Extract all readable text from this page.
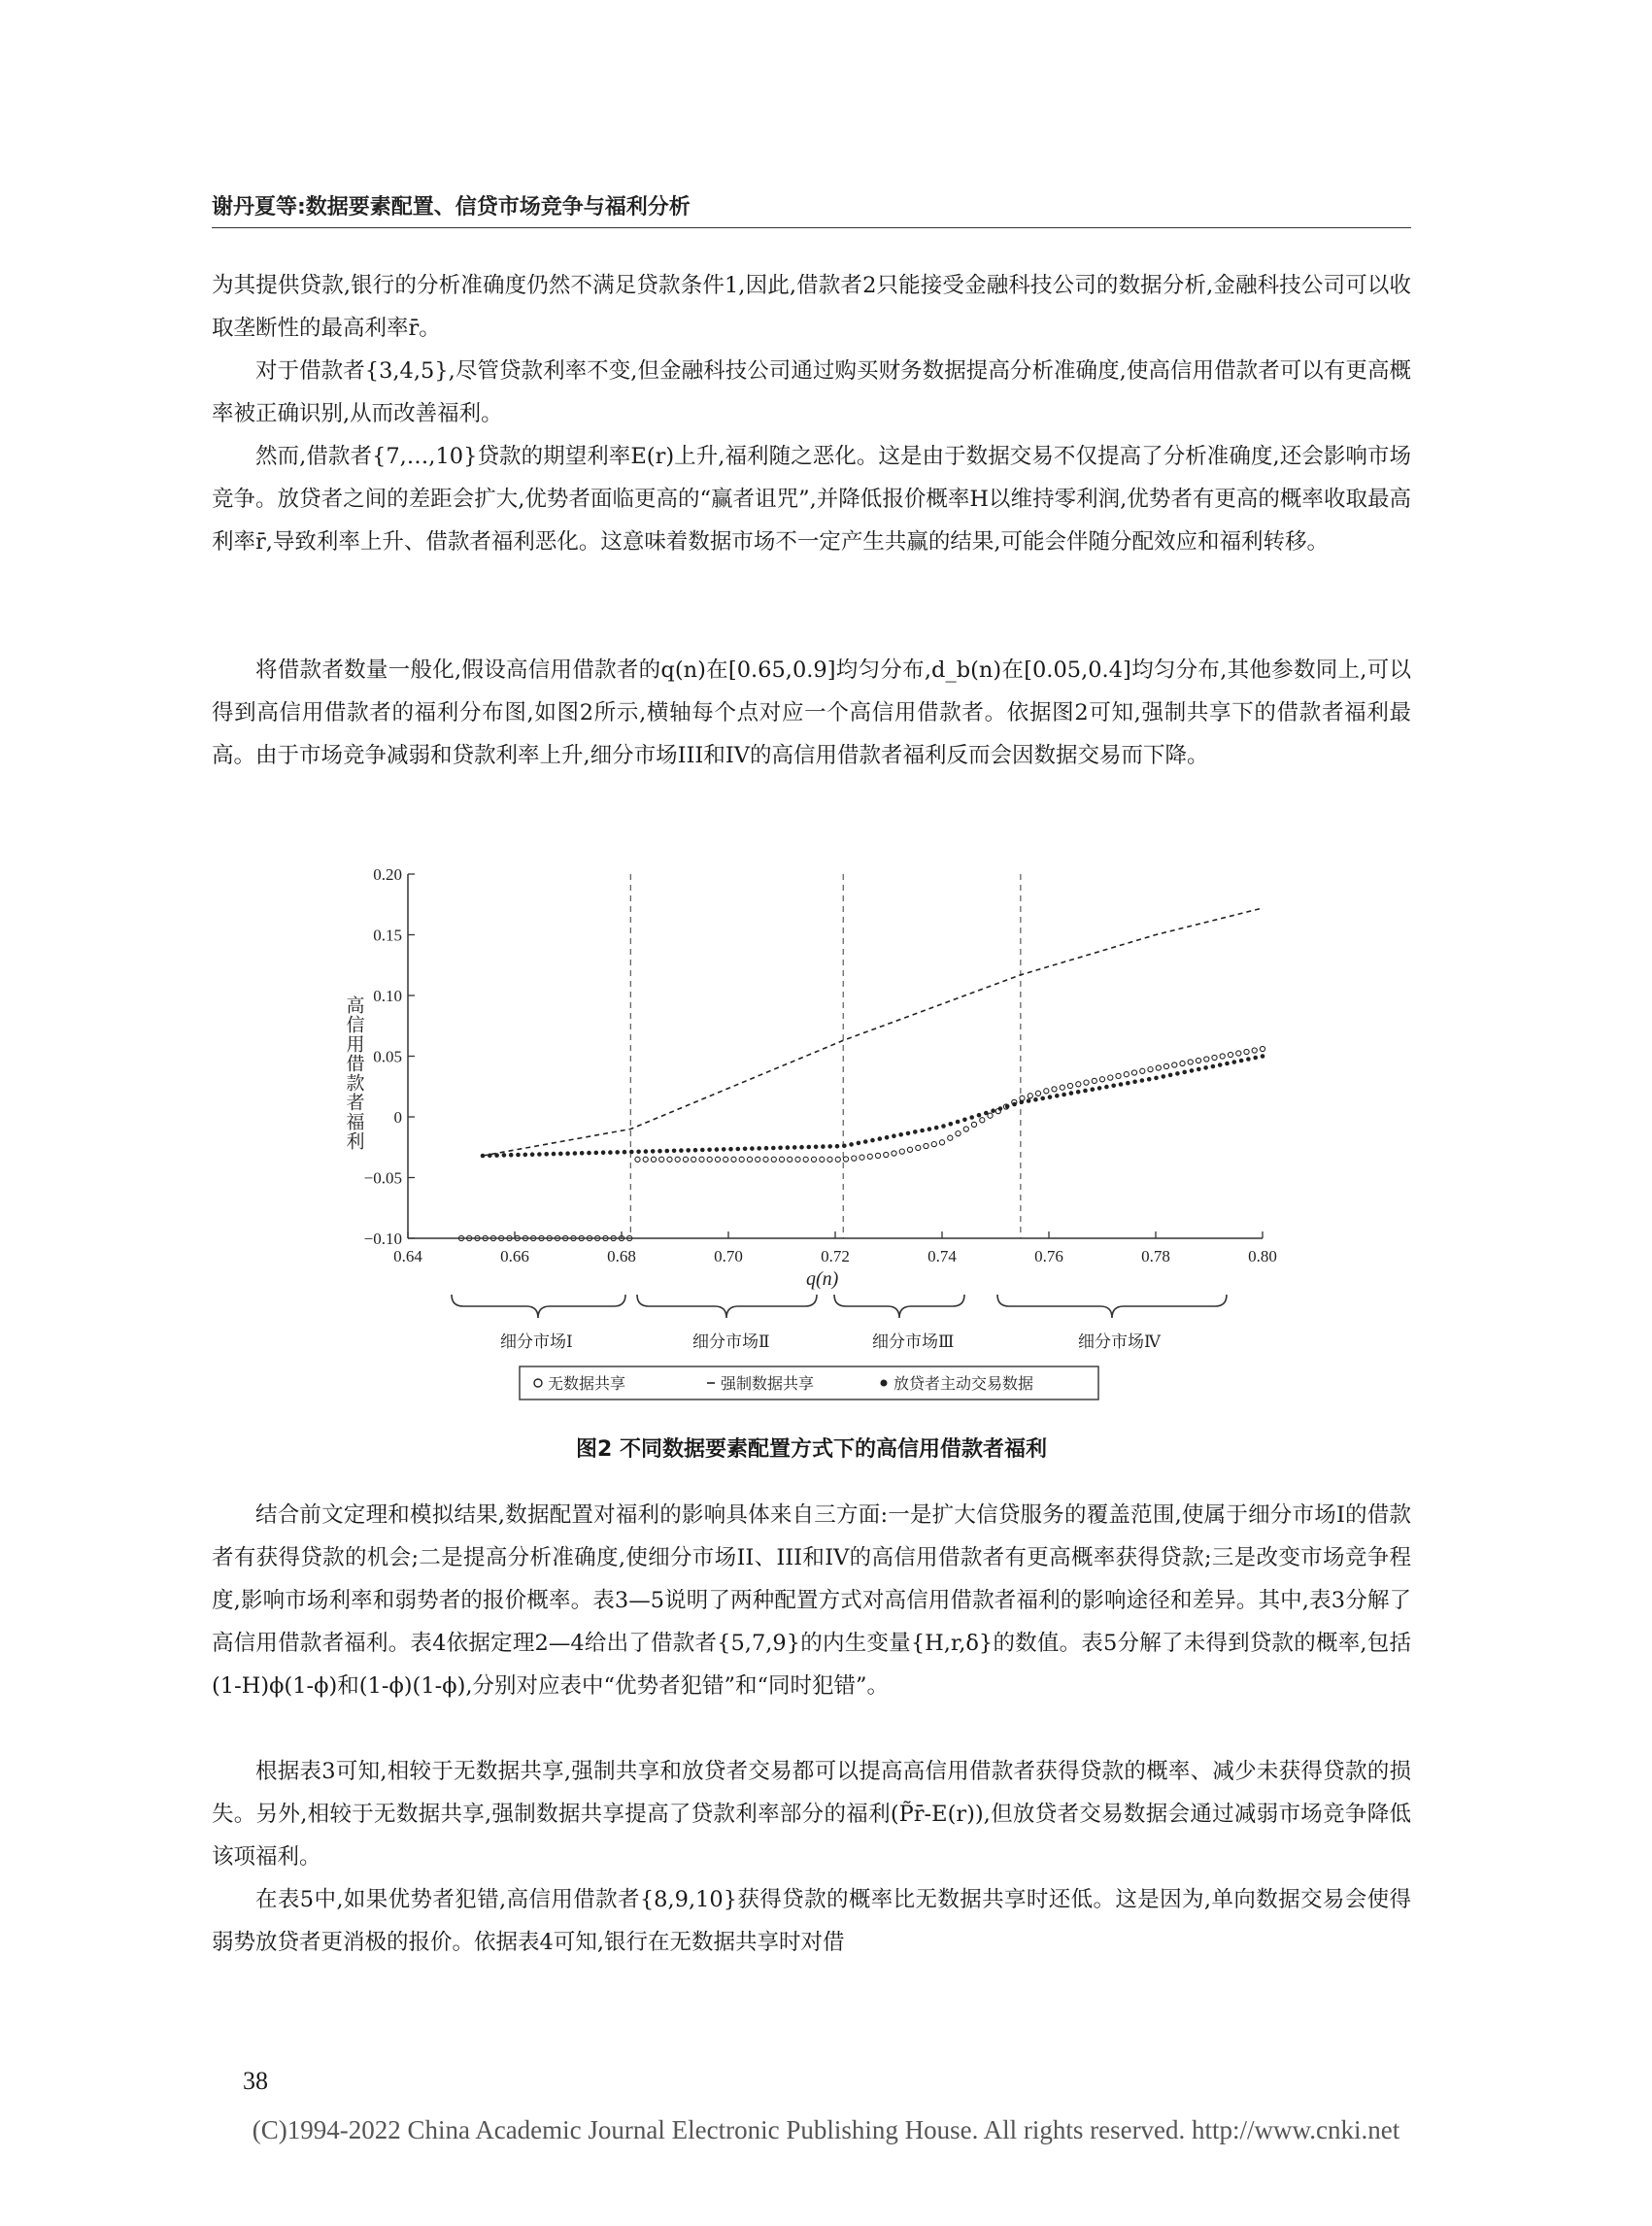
谢丹夏等:数据要素配置、信贷市场竞争与福利分析

为其提供贷款,银行的分析准确度仍然不满足贷款条件1,因此,借款者2只能接受金融科技公司的数据分析,金融科技公司可以收取垄断性的最高利率r̄。

对于借款者{3,4,5},尽管贷款利率不变,但金融科技公司通过购买财务数据提高分析准确度,使高信用借款者可以有更高概率被正确识别,从而改善福利。

然而,借款者{7,…,10}贷款的期望利率E(r)上升,福利随之恶化。这是由于数据交易不仅提高了分析准确度,还会影响市场竞争。放贷者之间的差距会扩大,优势者面临更高的“赢者诅咒”,并降低报价概率H以维持零利润,优势者有更高的概率收取最高利率r̄,导致利率上升、借款者福利恶化。这意味着数据市场不一定产生共赢的结果,可能会伴随分配效应和福利转移。

将借款者数量一般化,假设高信用借款者的q(n)在[0.65,0.9]均匀分布,d_b(n)在[0.05,0.4]均匀分布,其他参数同上,可以得到高信用借款者的福利分布图,如图2所示,横轴每个点对应一个高信用借款者。依据图2可知,强制共享下的借款者福利最高。由于市场竞争减弱和贷款利率上升,细分市场III和IV的高信用借款者福利反而会因数据交易而下降。

0.20
0.15
0.10
0.05
0
−0.05
−0.10
0.64	0.66	0.68	0.70	0.72	0.74	0.76	0.78	0.80
高信用借款者福利
q(n)
细分市场Ⅰ	细分市场Ⅱ	细分市场Ⅲ	细分市场Ⅳ
无数据共享	强制数据共享	放贷者主动交易数据
图2 不同数据要素配置方式下的高信用借款者福利

结合前文定理和模拟结果,数据配置对福利的影响具体来自三方面:一是扩大信贷服务的覆盖范围,使属于细分市场I的借款者有获得贷款的机会;二是提高分析准确度,使细分市场II、III和IV的高信用借款者有更高概率获得贷款;三是改变市场竞争程度,影响市场利率和弱势者的报价概率。表3—5说明了两种配置方式对高信用借款者福利的影响途径和差异。其中,表3分解了高信用借款者福利。表4依据定理2—4给出了借款者{5,7,9}的内生变量{H,r,δ}的数值。表5分解了未得到贷款的概率,包括(1-H)ϕ(1-ϕ)和(1-ϕ)(1-ϕ),分别对应表中“优势者犯错”和“同时犯错”。

根据表3可知,相较于无数据共享,强制共享和放贷者交易都可以提高高信用借款者获得贷款的概率、减少未获得贷款的损失。另外,相较于无数据共享,强制数据共享提高了贷款利率部分的福利(P̃r̄-E(r)),但放贷者交易数据会通过减弱市场竞争降低该项福利。

在表5中,如果优势者犯错,高信用借款者{8,9,10}获得贷款的概率比无数据共享时还低。这是因为,单向数据交易会使得弱势放贷者更消极的报价。依据表4可知,银行在无数据共享时对借

38
(C)1994-2022 China Academic Journal Electronic Publishing House. All rights reserved. http://www.cnki.net
